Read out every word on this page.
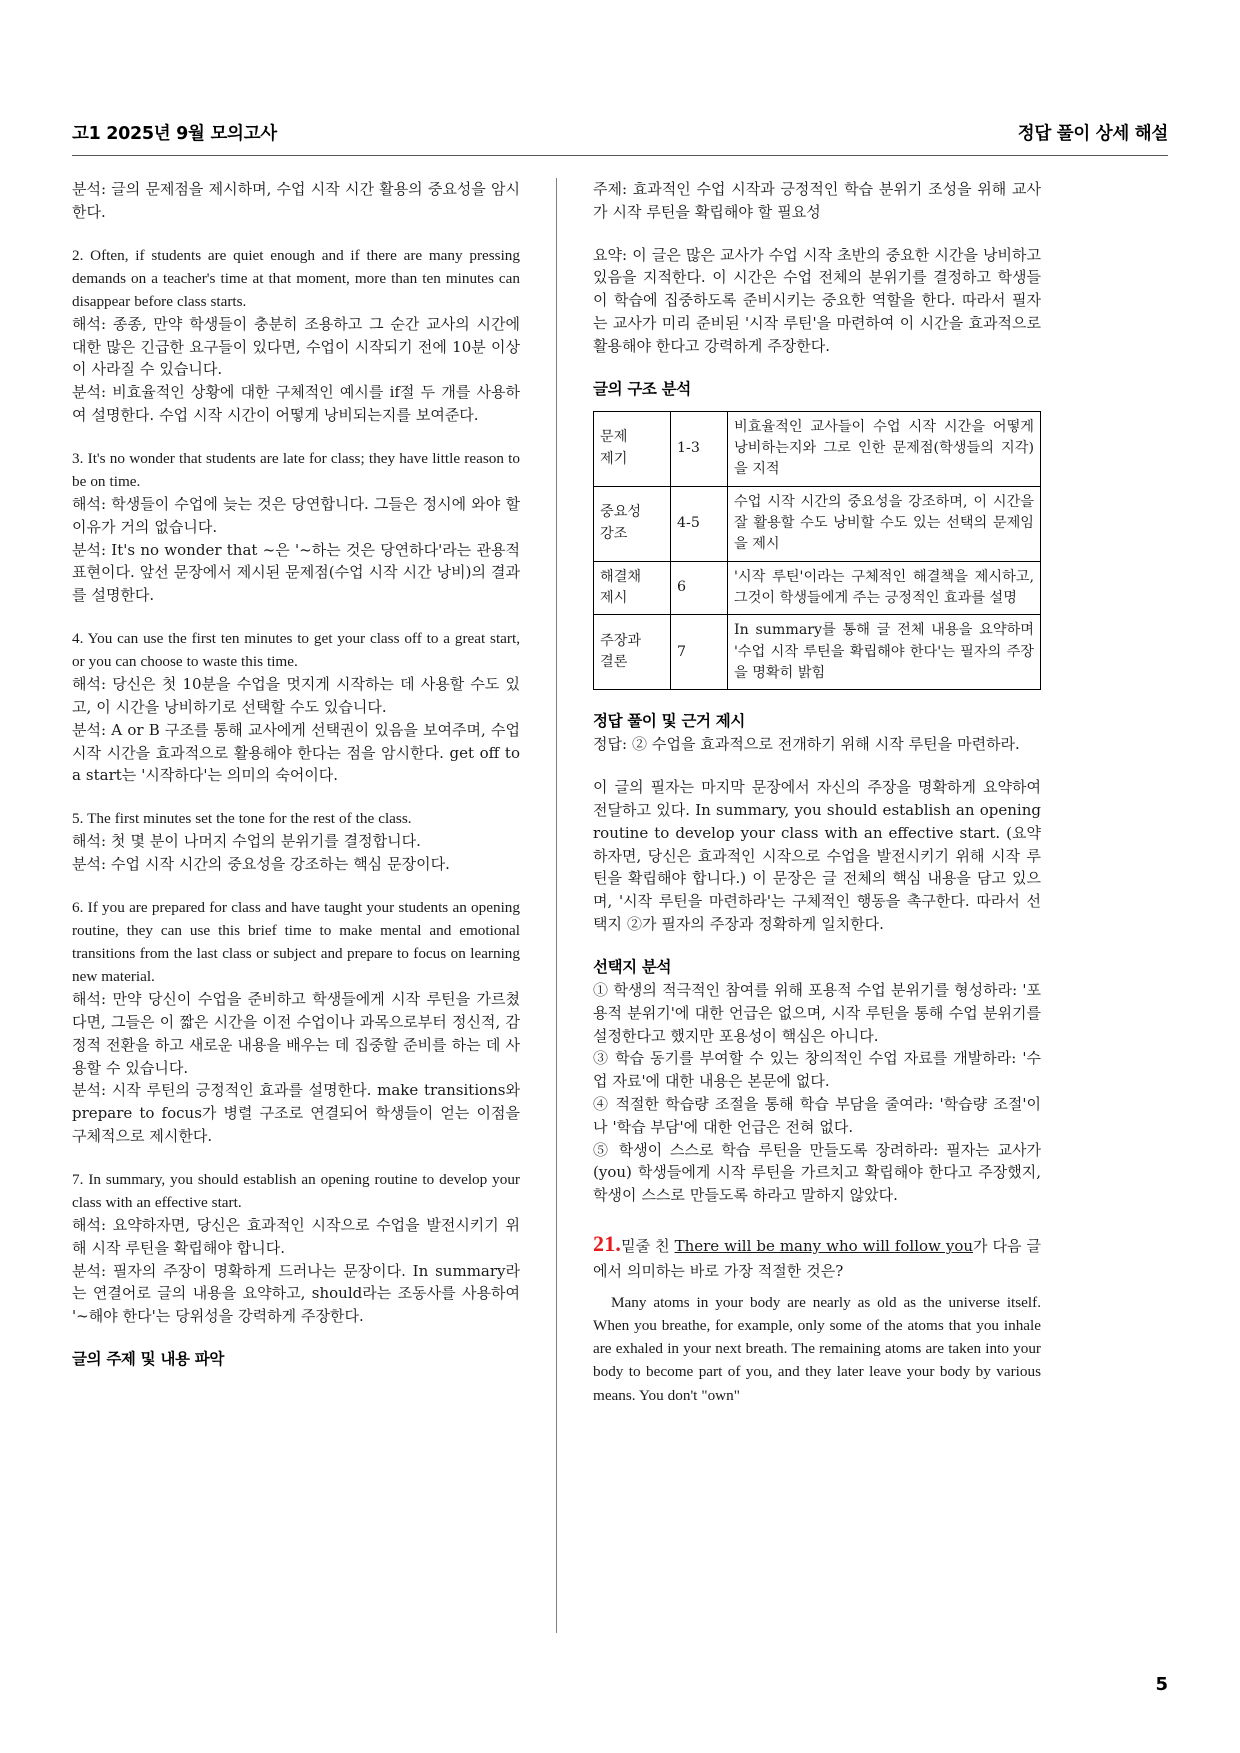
고1 2025년 9월 모의고사	정답 풀이 상세 해설

분석: 글의 문제점을 제시하며, 수업 시작 시간 활용의 중요성을 암시한다.

2. Often, if students are quiet enough and if there are many pressing demands on a teacher's time at that moment, more than ten minutes can disappear before class starts.

해석: 종종, 만약 학생들이 충분히 조용하고 그 순간 교사의 시간에 대한 많은 긴급한 요구들이 있다면, 수업이 시작되기 전에 10분 이상이 사라질 수 있습니다.

분석: 비효율적인 상황에 대한 구체적인 예시를 if절 두 개를 사용하여 설명한다. 수업 시작 시간이 어떻게 낭비되는지를 보여준다.

3. It's no wonder that students are late for class; they have little reason to be on time.

해석: 학생들이 수업에 늦는 것은 당연합니다. 그들은 정시에 와야 할 이유가 거의 없습니다.

분석: It's no wonder that ~은 '~하는 것은 당연하다'라는 관용적 표현이다. 앞선 문장에서 제시된 문제점(수업 시작 시간 낭비)의 결과를 설명한다.

4. You can use the first ten minutes to get your class off to a great start, or you can choose to waste this time.

해석: 당신은 첫 10분을 수업을 멋지게 시작하는 데 사용할 수도 있고, 이 시간을 낭비하기로 선택할 수도 있습니다.

분석: A or B 구조를 통해 교사에게 선택권이 있음을 보여주며, 수업 시작 시간을 효과적으로 활용해야 한다는 점을 암시한다. get off to a start는 '시작하다'는 의미의 숙어이다.

5. The first minutes set the tone for the rest of the class.

해석: 첫 몇 분이 나머지 수업의 분위기를 결정합니다.

분석: 수업 시작 시간의 중요성을 강조하는 핵심 문장이다.

6. If you are prepared for class and have taught your students an opening routine, they can use this brief time to make mental and emotional transitions from the last class or subject and prepare to focus on learning new material.

해석: 만약 당신이 수업을 준비하고 학생들에게 시작 루틴을 가르쳤다면, 그들은 이 짧은 시간을 이전 수업이나 과목으로부터 정신적, 감정적 전환을 하고 새로운 내용을 배우는 데 집중할 준비를 하는 데 사용할 수 있습니다.

분석: 시작 루틴의 긍정적인 효과를 설명한다. make transitions와 prepare to focus가 병렬 구조로 연결되어 학생들이 얻는 이점을 구체적으로 제시한다.

7. In summary, you should establish an opening routine to develop your class with an effective start.

해석: 요약하자면, 당신은 효과적인 시작으로 수업을 발전시키기 위해 시작 루틴을 확립해야 합니다.

분석: 필자의 주장이 명확하게 드러나는 문장이다. In summary라는 연결어로 글의 내용을 요약하고, should라는 조동사를 사용하여 '~해야 한다'는 당위성을 강력하게 주장한다.

글의 주제 및 내용 파악

주제: 효과적인 수업 시작과 긍정적인 학습 분위기 조성을 위해 교사가 시작 루틴을 확립해야 할 필요성

요약: 이 글은 많은 교사가 수업 시작 초반의 중요한 시간을 낭비하고 있음을 지적한다. 이 시간은 수업 전체의 분위기를 결정하고 학생들이 학습에 집중하도록 준비시키는 중요한 역할을 한다. 따라서 필자는 교사가 미리 준비된 '시작 루틴'을 마련하여 이 시간을 효과적으로 활용해야 한다고 강력하게 주장한다.

글의 구조 분석

문제
제기	1-3	비효율적인 교사들이 수업 시작 시간을 어떻게 낭비하는지와 그로 인한 문제점(학생들의 지각)을 지적
중요성
강조	4-5	수업 시작 시간의 중요성을 강조하며, 이 시간을 잘 활용할 수도 낭비할 수도 있는 선택의 문제임을 제시
해결채
제시	6	'시작 루틴'이라는 구체적인 해결책을 제시하고, 그것이 학생들에게 주는 긍정적인 효과를 설명
주장과
결론	7	In summary를 통해 글 전체 내용을 요약하며 '수업 시작 루틴을 확립해야 한다'는 필자의 주장을 명확히 밝힘

정답 풀이 및 근거 제시

정답: ② 수업을 효과적으로 전개하기 위해 시작 루틴을 마련하라.

이 글의 필자는 마지막 문장에서 자신의 주장을 명확하게 요약하여 전달하고 있다. In summary, you should establish an opening routine to develop your class with an effective start. (요약하자면, 당신은 효과적인 시작으로 수업을 발전시키기 위해 시작 루틴을 확립해야 합니다.) 이 문장은 글 전체의 핵심 내용을 담고 있으며, '시작 루틴을 마련하라'는 구체적인 행동을 촉구한다. 따라서 선택지 ②가 필자의 주장과 정확하게 일치한다.

선택지 분석

① 학생의 적극적인 참여를 위해 포용적 수업 분위기를 형성하라: '포용적 분위기'에 대한 언급은 없으며, 시작 루틴을 통해 수업 분위기를 설정한다고 했지만 포용성이 핵심은 아니다.

③ 학습 동기를 부여할 수 있는 창의적인 수업 자료를 개발하라: '수업 자료'에 대한 내용은 본문에 없다.

④ 적절한 학습량 조절을 통해 학습 부담을 줄여라: '학습량 조절'이나 '학습 부담'에 대한 언급은 전혀 없다.

⑤ 학생이 스스로 학습 루틴을 만들도록 장려하라: 필자는 교사가 (you) 학생들에게 시작 루틴을 가르치고 확립해야 한다고 주장했지, 학생이 스스로 만들도록 하라고 말하지 않았다.

21.밑줄 친 There will be many who will follow you가 다음 글에서 의미하는 바로 가장 적절한 것은?

Many atoms in your body are nearly as old as the universe itself. When you breathe, for example, only some of the atoms that you inhale are exhaled in your next breath. The remaining atoms are taken into your body to become part of you, and they later leave your body by various means. You don't "own"

5
